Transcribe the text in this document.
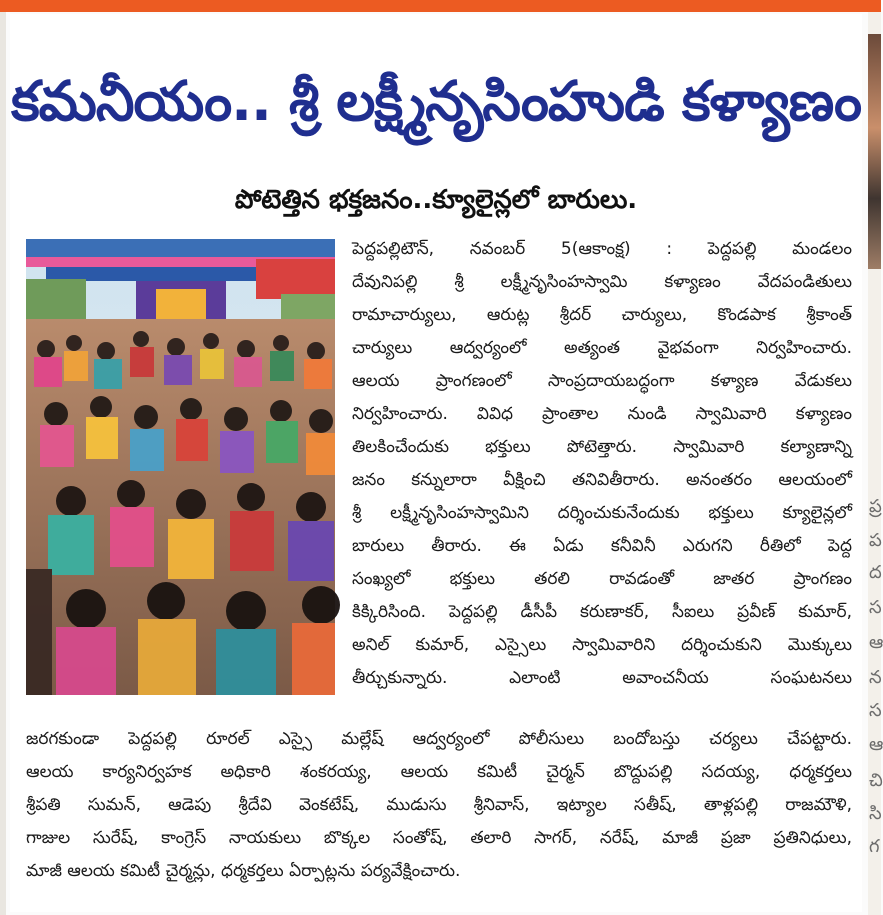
ప్ర
ప
ద
స
ఆ
న
స
ఆ
చి
సి
గ
కమనీయం.. శ్రీ లక్ష్మీనృసింహుడి కళ్యాణం
పోటెత్తిన భక్తజనం..క్యూలైన్లలో బారులు.

పెద్దపల్లిటౌన్, నవంబర్ 5(ఆకాంక్ష) : పెద్దపల్లి మండలం

దేవునిపల్లి శ్రీ లక్ష్మీనృసింహస్వామి కళ్యాణం వేదపండితులు

రామాచార్యులు, ఆరుట్ల శ్రీదర్ చార్యులు, కొండపాక శ్రీకాంత్

చార్యులు ఆద్వర్యంలో అత్యంత వైభవంగా నిర్వహించారు.

ఆలయ ప్రాంగణంలో సాంప్రదాయబద్ధంగా కళ్యాణ వేడుకలు

నిర్వహించారు. వివిధ ప్రాంతాల నుండి స్వామివారి కళ్యాణం

తిలకించేందుకు భక్తులు పోటెత్తారు. స్వామివారి కల్యాణాన్ని

జనం కన్నులారా వీక్షించి తనివితీరారు. అనంతరం ఆలయంలో

శ్రీ లక్ష్మీనృసింహస్వామిని దర్శించుకునేందుకు భక్తులు క్యూలైన్లలో

బారులు తీరారు. ఈ ఏడు కనీవినీ ఎరుగని రీతిలో పెద్ద

సంఖ్యలో భక్తులు తరలి రావడంతో జాతర ప్రాంగణం

కిక్కిరిసింది. పెద్దపల్లి డీసీపీ కరుణాకర్, సీఐలు ప్రవీణ్ కుమార్,

అనిల్ కుమార్, ఎస్సైలు స్వామివారిని దర్శించుకుని మొక్కులు

తీర్చుకున్నారు. ఎలాంటి అవాంచనీయ సంఘటనలు

జరగకుండా పెద్దపల్లి రూరల్ ఎస్సై మల్లేష్ ఆద్వర్యంలో పోలీసులు బందోబస్తు చర్యలు చేపట్టారు.

ఆలయ కార్యనిర్వహక అధికారి శంకరయ్య, ఆలయ కమిటీ చైర్మన్ బొద్దుపల్లి సదయ్య, ధర్మకర్తలు

శ్రీపతి సుమన్, ఆడెపు శ్రీదేవి వెంకటేష్, ముడుసు శ్రీనివాస్, ఇట్యాల సతీష్, తాళ్లపల్లి రాజమౌళి,

గాజుల సురేష్, కాంగ్రెస్ నాయకులు బొక్కల సంతోష్, తలారి సాగర్, నరేష్, మాజీ ప్రజా ప్రతినిధులు,

మాజీ ఆలయ కమిటీ చైర్మన్లు, ధర్మకర్తలు ఏర్పాట్లను పర్యవేక్షించారు.
